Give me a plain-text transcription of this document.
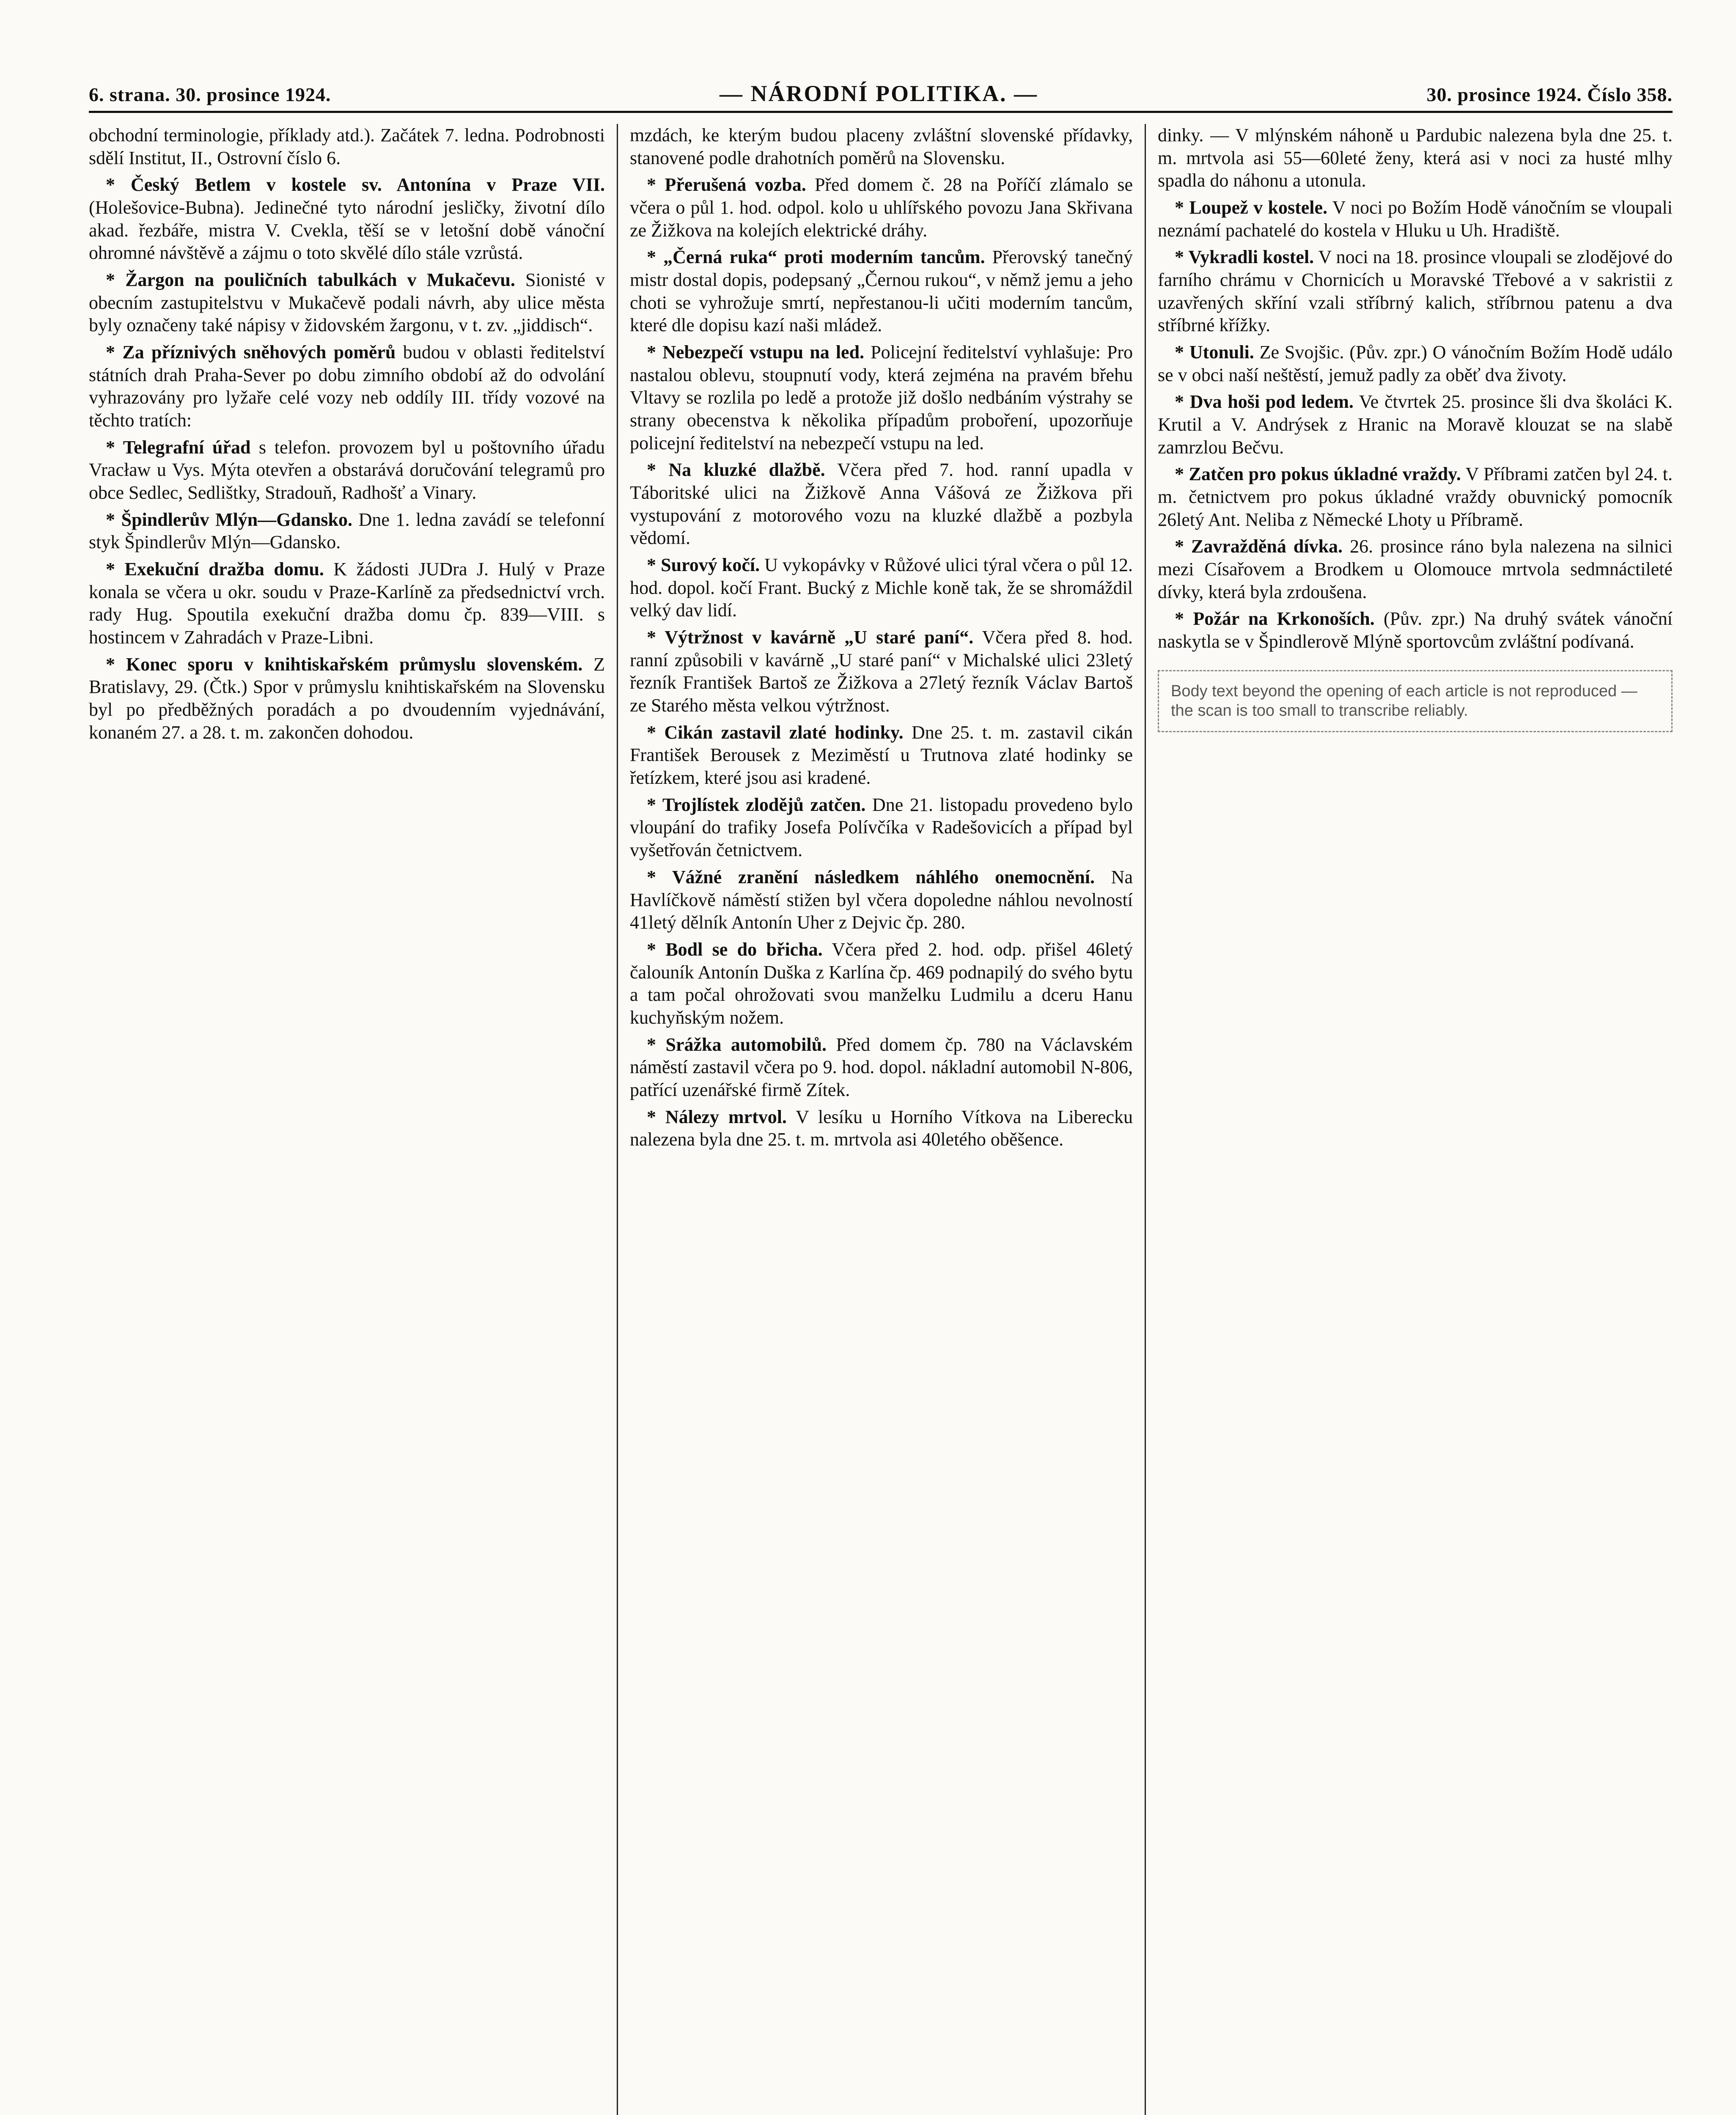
6. strana. 30. prosince 1924.	— NÁRODNÍ POLITIKA. —	30. prosince 1924. Číslo 358.

obchodní terminologie, příklady atd.). Začátek 7. ledna. Podrobnosti sdělí Institut, II., Ostrovní číslo 6.

* Český Betlem v kostele sv. Antonína v Praze VII. (Holešovice-Bubna). Jedinečné tyto národní jesličky, životní dílo akad. řezbáře, mistra V. Cvekla, těší se v letošní době vánoční ohromné návštěvě a zájmu o toto skvělé dílo stále vzrůstá.

* Žargon na pouličních tabulkách v Mukačevu. Sionisté v obecním zastupitelstvu v Mukačevě podali návrh, aby ulice města byly označeny také nápisy v židovském žargonu, v t. zv. „jiddisch“.

* Za příznivých sněhových poměrů budou v oblasti ředitelství státních drah Praha-Sever po dobu zimního období až do odvolání vyhrazovány pro lyžaře celé vozy neb oddíly III. třídy vozové na těchto tratích:

* Telegrafní úřad s telefon. provozem byl u poštovního úřadu Vracław u Vys. Mýta otevřen a obstarává doručování telegramů pro obce Sedlec, Sedlištky, Stradouň, Radhošť a Vinary.

* Špindlerův Mlýn—Gdansko. Dne 1. ledna zavádí se telefonní styk Špindlerův Mlýn—Gdansko.

* Exekuční dražba domu. K žádosti JUDra J. Hulý v Praze konala se včera u okr. soudu v Praze-Karlíně za předsednictví vrch. rady Hug. Spoutila exekuční dražba domu čp. 839—VIII. s hostincem v Zahradách v Praze-Libni.

* Konec sporu v knihtiskařském průmyslu slovenském. Z Bratislavy, 29. (Čtk.) Spor v průmyslu knihtiskařském na Slovensku byl po předběžných poradách a po dvoudenním vyjednávání, konaném 27. a 28. t. m. zakončen dohodou.

mzdách, ke kterým budou placeny zvláštní slovenské přídavky, stanovené podle drahotních poměrů na Slovensku.

* Přerušená vozba. Před domem č. 28 na Poříčí zlámalo se včera o půl 1. hod. odpol. kolo u uhlířského povozu Jana Skřivana ze Žižkova na kolejích elektrické dráhy.

* „Černá ruka“ proti moderním tancům. Přerovský tanečný mistr dostal dopis, podepsaný „Černou rukou“, v němž jemu a jeho choti se vyhrožuje smrtí, nepřestanou-li učiti moderním tancům, které dle dopisu kazí naši mládež.

* Nebezpečí vstupu na led. Policejní ředitelství vyhlašuje: Pro nastalou oblevu, stoupnutí vody, která zejména na pravém břehu Vltavy se rozlila po ledě a protože již došlo nedbáním výstrahy se strany obecenstva k několika případům proboření, upozorňuje policejní ředitelství na nebezpečí vstupu na led.

* Na kluzké dlažbě. Včera před 7. hod. ranní upadla v Táboritské ulici na Žižkově Anna Vášová ze Žižkova při vystupování z motorového vozu na kluzké dlažbě a pozbyla vědomí.

* Surový kočí. U vykopávky v Růžové ulici týral včera o půl 12. hod. dopol. kočí Frant. Bucký z Michle koně tak, že se shromáždil velký dav lidí.

* Výtržnost v kavárně „U staré paní“. Včera před 8. hod. ranní způsobili v kavárně „U staré paní“ v Michalské ulici 23letý řezník František Bartoš ze Žižkova a 27letý řezník Václav Bartoš ze Starého města velkou výtržnost.

* Cikán zastavil zlaté hodinky. Dne 25. t. m. zastavil cikán František Berousek z Meziměstí u Trutnova zlaté hodinky se řetízkem, které jsou asi kradené.

* Trojlístek zlodějů zatčen. Dne 21. listopadu provedeno bylo vloupání do trafiky Josefa Polívčíka v Radešovicích a případ byl vyšetřován četnictvem.

* Vážné zranění následkem náhlého onemocnění. Na Havlíčkově náměstí stižen byl včera dopoledne náhlou nevolností 41letý dělník Antonín Uher z Dejvic čp. 280.

* Bodl se do břicha. Včera před 2. hod. odp. přišel 46letý čalouník Antonín Duška z Karlína čp. 469 podnapilý do svého bytu a tam počal ohrožovati svou manželku Ludmilu a dceru Hanu kuchyňským nožem.

* Srážka automobilů. Před domem čp. 780 na Václavském náměstí zastavil včera po 9. hod. dopol. nákladní automobil N-806, patřící uzenářské firmě Zítek.

* Nálezy mrtvol. V lesíku u Horního Vítkova na Liberecku nalezena byla dne 25. t. m. mrtvola asi 40letého oběšence.

dinky. — V mlýnském náhoně u Pardubic nalezena byla dne 25. t. m. mrtvola asi 55—60leté ženy, která asi v noci za husté mlhy spadla do náhonu a utonula.

* Loupež v kostele. V noci po Božím Hodě vánočním se vloupali neznámí pachatelé do kostela v Hluku u Uh. Hradiště.

* Vykradli kostel. V noci na 18. prosince vloupali se zlodějové do farního chrámu v Chornicích u Moravské Třebové a v sakristii z uzavřených skříní vzali stříbrný kalich, stříbrnou patenu a dva stříbrné křížky.

* Utonuli. Ze Svojšic. (Pův. zpr.) O vánočním Božím Hodě událo se v obci naší neštěstí, jemuž padly za oběť dva životy.

* Dva hoši pod ledem. Ve čtvrtek 25. prosince šli dva školáci K. Krutil a V. Andrýsek z Hranic na Moravě klouzat se na slabě zamrzlou Bečvu.

* Zatčen pro pokus úkladné vraždy. V Příbrami zatčen byl 24. t. m. četnictvem pro pokus úkladné vraždy obuvnický pomocník 26letý Ant. Neliba z Německé Lhoty u Příbramě.

* Zavražděná dívka. 26. prosince ráno byla nalezena na silnici mezi Císařovem a Brodkem u Olomouce mrtvola sedmnáctileté dívky, která byla zrdoušena.

* Požár na Krkonoších. (Pův. zpr.) Na druhý svátek vánoční naskytla se v Špindlerově Mlýně sportovcům zvláštní podívaná.

Body text beyond the opening of each article is not reproduced — the scan is too small to transcribe reliably.
